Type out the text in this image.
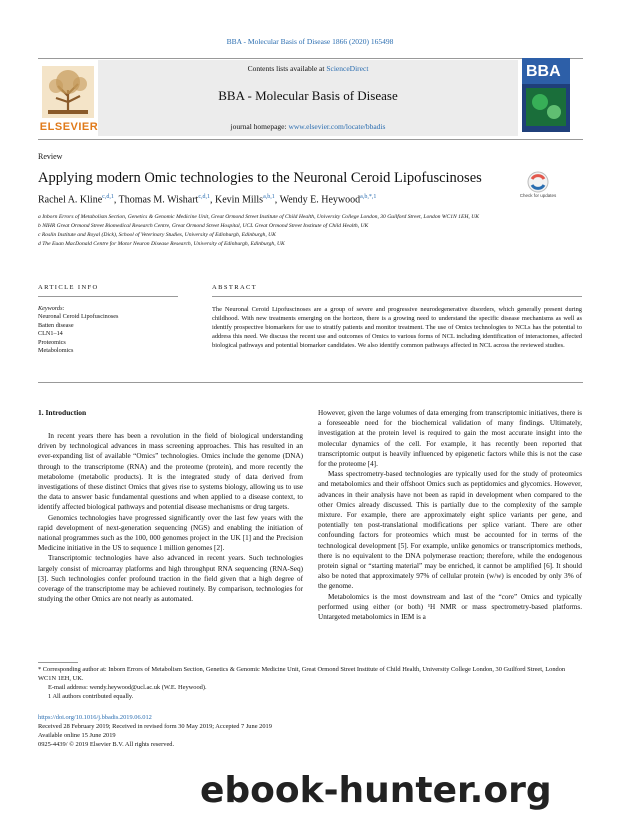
BBA - Molecular Basis of Disease 1866 (2020) 165498
Contents lists available at ScienceDirect
BBA - Molecular Basis of Disease
journal homepage: www.elsevier.com/locate/bbadis
ELSEVIER
BBA
Review
Applying modern Omic technologies to the Neuronal Ceroid Lipofuscinoses
Check for updates
Rachel A. Kline$^{c,d,1}$, Thomas M. Wishart$^{c,d,1}$, Kevin Mills$^{a,b,1}$, Wendy E. Heywood$^{a,b,*,1}$
a Inborn Errors of Metabolism Section, Genetics & Genomic Medicine Unit, Great Ormond Street Institute of Child Health, University College London, 30 Guilford Street, London WC1N 1EH, UK
b NIHR Great Ormond Street Biomedical Research Centre, Great Ormond Street Hospital, UCL Great Ormond Street Institute of Child Health, UK
c Roslin Institute and Royal (Dick), School of Veterinary Studies, University of Edinburgh, Edinburgh, UK
d The Euan MacDonald Centre for Motor Neuron Disease Research, University of Edinburgh, Edinburgh, UK
ARTICLE INFO	ABSTRACT
Keywords:
Neuronal Ceroid Lipofuscinoses
Batten disease
CLN1–14
Proteomics
Metabolomics
The Neuronal Ceroid Lipofuscinoses are a group of severe and progressive neurodegenerative disorders, which generally present during childhood. With new treatments emerging on the horizon, there is a growing need to understand the specific disease mechanisms as well as identify prospective biomarkers for use to stratify patients and monitor treatment. The use of Omics technologies to NCLs has the potential to address this need. We discuss the recent use and outcomes of Omics to various forms of NCL including identification of interactomes, affected biological pathways and potential biomarker candidates. We also identify common pathways affected in NCL across the reviewed studies.
1. Introduction

In recent years there has been a revolution in the field of biological understanding driven by technological advances in mass screening approaches. This has resulted in an ever-expanding list of available “Omics” technologies. Omics include the genome (DNA) through to the transcriptome (RNA) and the proteome (protein), and more recently the metabolome (metabolic products). It is the integrated study of data derived from investigations of these distinct Omics that gives rise to systems biology, allowing us to use the data to answer basic fundamental questions and when applied to a disease context, to identify affected biological pathways and potential disease mechanisms or drug targets.

Genomics technologies have progressed significantly over the last few years with the rapid development of next-generation sequencing (NGS) and enabling the initiation of national programmes such as the 100, 000 genomes project in the UK [1] and the Precision Medicine initiative in the US to sequence 1 million genomes [2].

Transcriptomic technologies have also advanced in recent years. Such technologies largely consist of microarray platforms and high throughput RNA sequencing (RNA-Seq) [3]. Such technologies confer profound traction in the field given that a high degree of coverage of the transcriptome may be achieved routinely. By comparison, technologies for studying the other Omics are not nearly as automated.

However, given the large volumes of data emerging from transcriptomic initiatives, there is a foreseeable need for the biochemical validation of many findings. Ultimately, investigation at the protein level is required to gain the most accurate insight into the molecular dynamics of the cell. For example, it has recently been reported that transcriptomic output is heavily influenced by epigenetic factors while this is not the case for the proteome [4].

Mass spectrometry-based technologies are typically used for the study of proteomics and metabolomics and their offshoot Omics such as peptidomics and glycomics. However, advances in their analysis have not been as rapid in development when compared to the other Omics already discussed. This is partially due to the complexity of the sample mixture. For example, there are approximately eight splice variants per gene, and potentially ten post-translational modifications per splice variant. There are other confounding factors for proteomics which must be accounted for in terms of the technological development [5]. For example, unlike genomics or transcriptomics methods, there is no equivalent to the DNA polymerase reaction; therefore, while the endogenous protein signal or “starting material” may be enriched, it cannot be amplified [6]. It should also be noted that approximately 97% of cellular protein (w/w) is encoded by only 3% of the genome.

Metabolomics is the most downstream and last of the “core” Omics and typically performed using either (or both) ¹H NMR or mass spectrometry-based platforms. Untargeted metabolomics in IEM is a

* Corresponding author at: Inborn Errors of Metabolism Section, Genetics & Genomic Medicine Unit, Great Ormond Street Institute of Child Health, University College London, 30 Guilford Street, London WC1N 1EH, UK.
E-mail address: wendy.heywood@ucl.ac.uk (W.E. Heywood).
1 All authors contributed equally.
https://doi.org/10.1016/j.bbadis.2019.06.012
Received 28 February 2019; Received in revised form 30 May 2019; Accepted 7 June 2019
Available online 15 June 2019
0925-4439/ © 2019 Elsevier B.V. All rights reserved.
ebook-hunter.org
